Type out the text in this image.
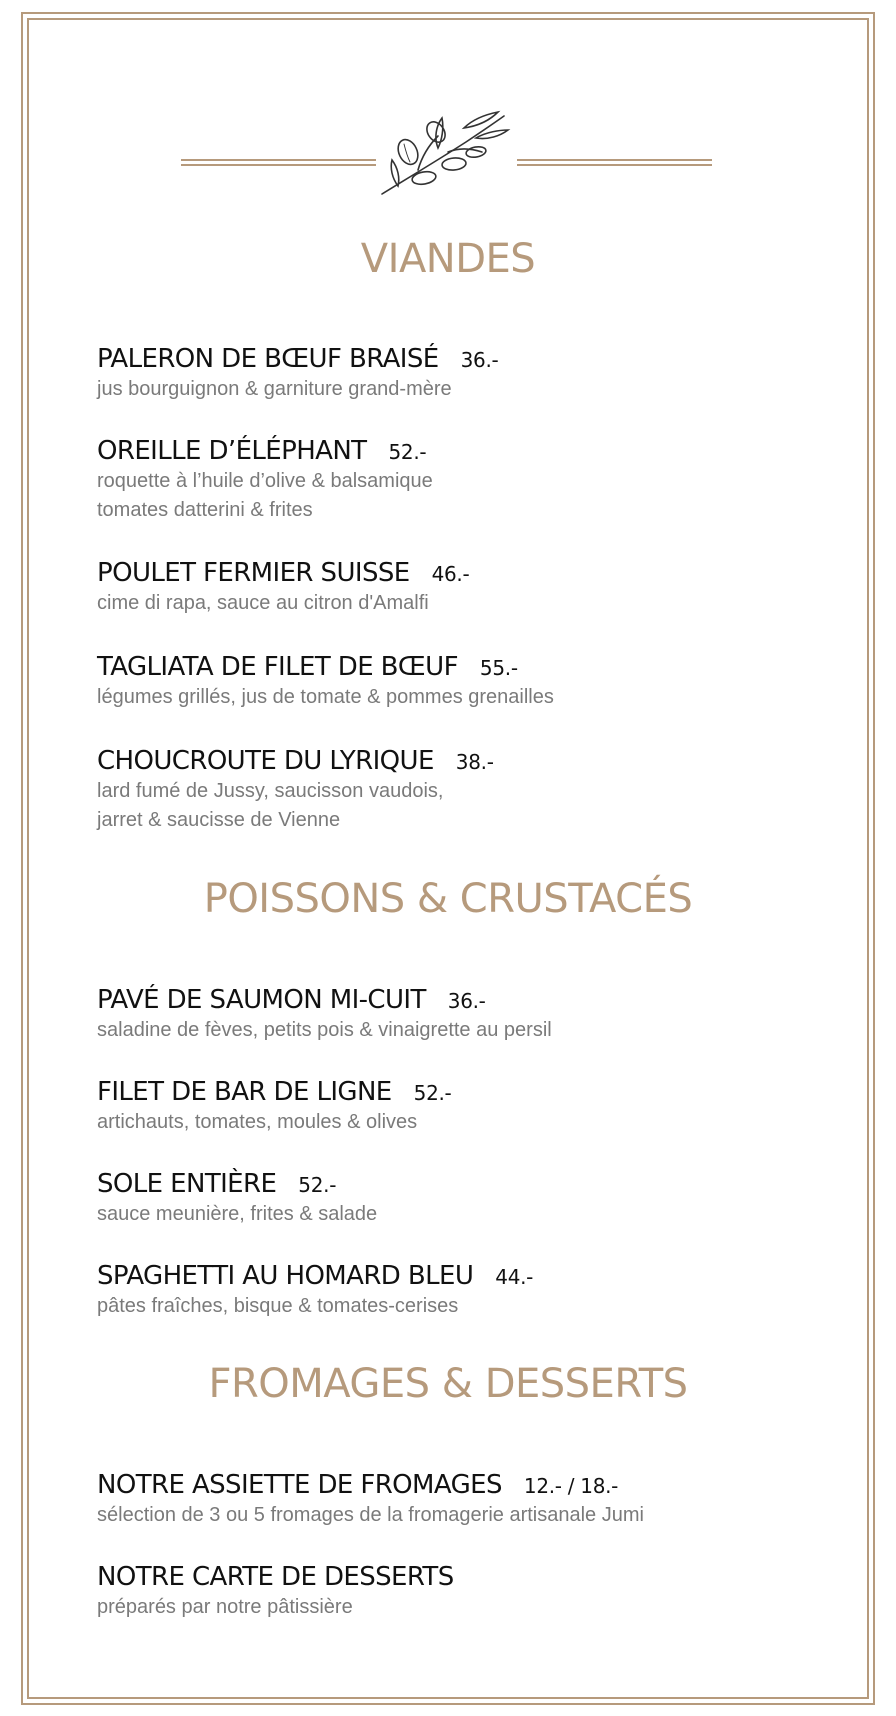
VIANDES
PALERON DE BŒUF BRAISÉ 36.-
jus bourguignon & garniture grand-mère
OREILLE D’ÉLÉPHANT 52.-
roquette à l’huile d’olive & balsamique
tomates datterini & frites
POULET FERMIER SUISSE 46.-
cime di rapa, sauce au citron d'Amalfi
TAGLIATA DE FILET DE BŒUF 55.-
légumes grillés, jus de tomate & pommes grenailles
CHOUCROUTE DU LYRIQUE 38.-
lard fumé de Jussy, saucisson vaudois,
jarret & saucisse de Vienne
POISSONS & CRUSTACÉS
PAVÉ DE SAUMON MI-CUIT 36.-
saladine de fèves, petits pois & vinaigrette au persil
FILET DE BAR DE LIGNE 52.-
artichauts, tomates, moules & olives
SOLE ENTIÈRE 52.-
sauce meunière, frites & salade
SPAGHETTI AU HOMARD BLEU 44.-
pâtes fraîches, bisque & tomates-cerises
FROMAGES & DESSERTS
NOTRE ASSIETTE DE FROMAGES 12.- / 18.-
sélection de 3 ou 5 fromages de la fromagerie artisanale Jumi
NOTRE CARTE DE DESSERTS
préparés par notre pâtissière
